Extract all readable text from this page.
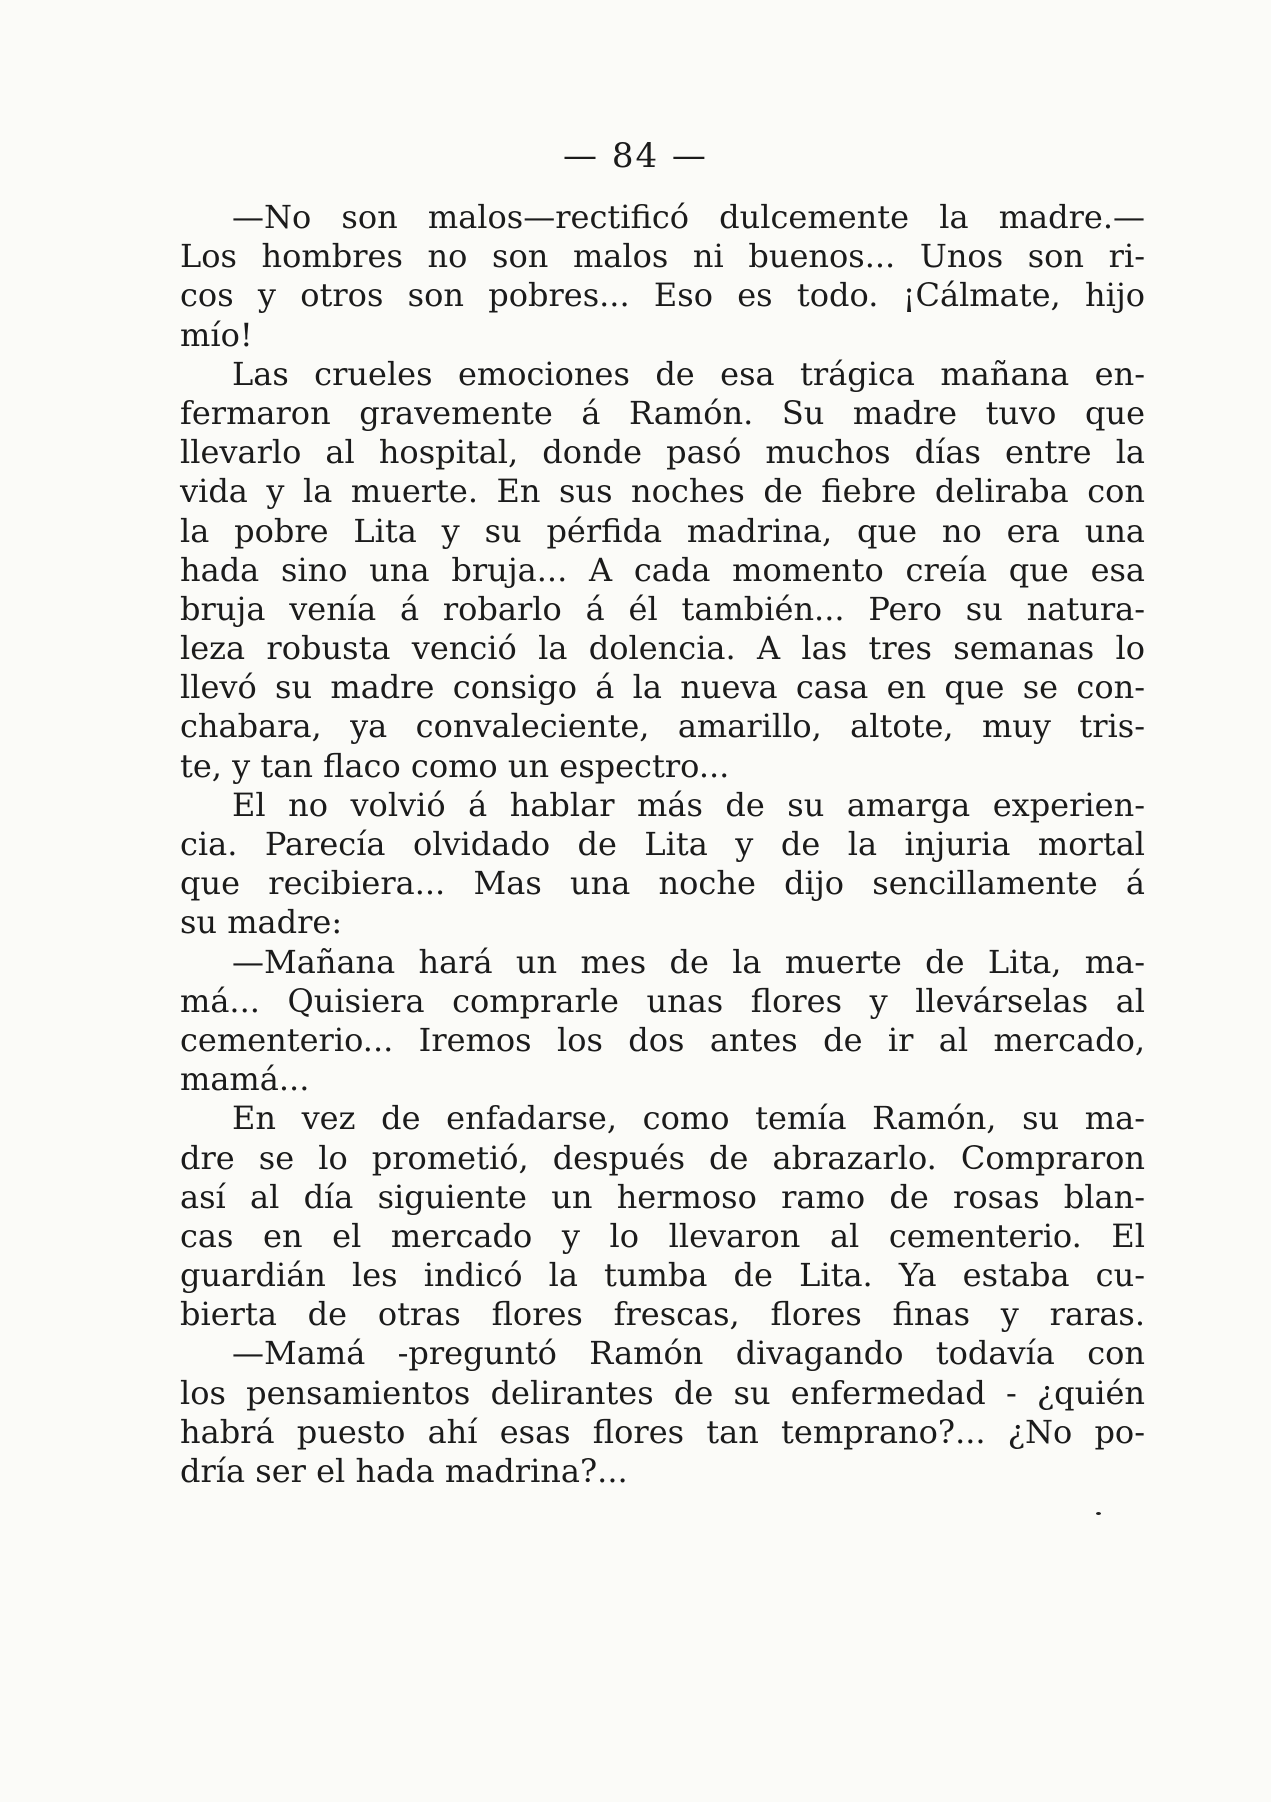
— 84 —
—No son malos—rectificó dulcemente la madre.—
Los hombres no son malos ni buenos... Unos son ri-
cos y otros son pobres... Eso es todo. ¡Cálmate, hijo
mío!
Las crueles emociones de esa trágica mañana en-
fermaron gravemente á Ramón. Su madre tuvo que
llevarlo al hospital, donde pasó muchos días entre la
vida y la muerte. En sus noches de fiebre deliraba con
la pobre Lita y su pérfida madrina, que no era una
hada sino una bruja... A cada momento creía que esa
bruja venía á robarlo á él también... Pero su natura-
leza robusta venció la dolencia. A las tres semanas lo
llevó su madre consigo á la nueva casa en que se con-
chabara, ya convaleciente, amarillo, altote, muy tris-
te, y tan flaco como un espectro...
El no volvió á hablar más de su amarga experien-
cia. Parecía olvidado de Lita y de la injuria mortal
que recibiera... Mas una noche dijo sencillamente á
su madre:
—Mañana hará un mes de la muerte de Lita, ma-
má... Quisiera comprarle unas flores y llevárselas al
cementerio... Iremos los dos antes de ir al mercado,
mamá...
En vez de enfadarse, como temía Ramón, su ma-
dre se lo prometió, después de abrazarlo. Compraron
así al día siguiente un hermoso ramo de rosas blan-
cas en el mercado y lo llevaron al cementerio. El
guardián les indicó la tumba de Lita. Ya estaba cu-
bierta de otras flores frescas, flores finas y raras.
—Mamá -preguntó Ramón divagando todavía con
los pensamientos delirantes de su enfermedad - ¿quién
habrá puesto ahí esas flores tan temprano?... ¿No po-
dría ser el hada madrina?...
